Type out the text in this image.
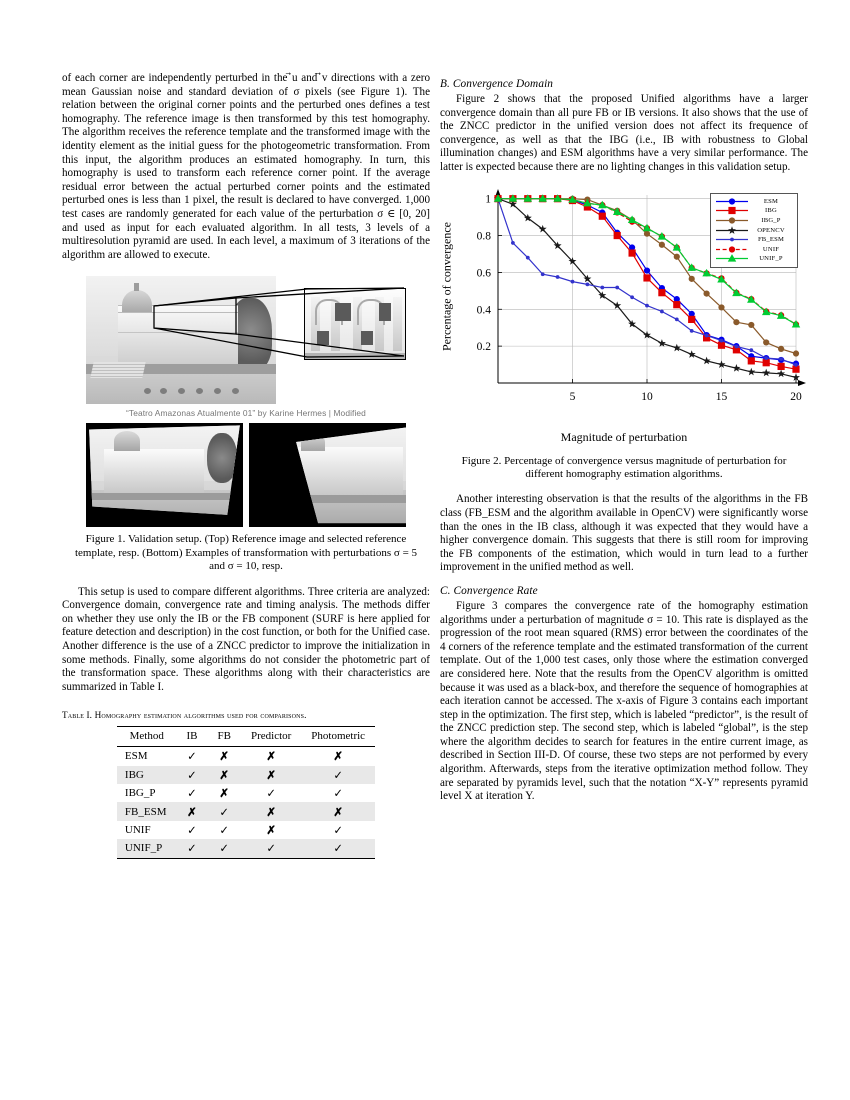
of each corner are independently perturbed in the ⃗u and ⃗v directions with a zero mean Gaussian noise and standard deviation of σ pixels (see Figure 1). The relation between the original corner points and the perturbed ones defines a test homography. The reference image is then transformed by this test homography. The algorithm receives the reference template and the transformed image with the identity element as the initial guess for the photogeometric transformation. From this input, the algorithm produces an estimated homography. In turn, this homography is used to transform each reference corner point. If the average residual error between the actual perturbed corner points and the estimated perturbed ones is less than 1 pixel, the result is declared to have converged. 1,000 test cases are randomly generated for each value of the perturbation σ ∈ [0, 20] and used as input for each evaluated algorithm. In all tests, 3 levels of a multiresolution pyramid are used. In each level, a maximum of 3 iterations of the algorithm are allowed to execute.

“Teatro Amazonas Atualmente 01” by Karine Hermes | Modified
Figure 1. Validation setup. (Top) Reference image and selected reference template, resp. (Bottom) Examples of transformation with perturbations σ = 5 and σ = 10, resp.

This setup is used to compare different algorithms. Three criteria are analyzed: Convergence domain, convergence rate and timing analysis. The methods differ on whether they use only the IB or the FB component (SURF is here applied for feature detection and description) in the cost function, or both for the Unified case. Another difference is the use of a ZNCC predictor to improve the initialization in some methods. Finally, some algorithms do not consider the photometric part of the transformation space. These algorithms along with their characteristics are summarized in Table I.

Table I. Homography estimation algorithms used for comparisons.
Method	IB	FB	Predictor	Photometric
ESM	✓	✗	✗	✗
IBG	✓	✗	✗	✓
IBG_P	✓	✗	✓	✓
FB_ESM	✗	✓	✗	✗
UNIF	✓	✓	✗	✓
UNIF_P	✓	✓	✓	✓
B. Convergence Domain

Figure 2 shows that the proposed Unified algorithms have a larger convergence domain than all pure FB or IB versions. It also shows that the use of the ZNCC predictor in the unified version does not affect its frequence of convergence, as well as that the IBG (i.e., IB with robustness to Global illumination changes) and ESM algorithms have a very similar performance. The latter is expected because there are no lighting changes in this validation setup.

Percentage of convergence 0.2
0.4
0.6
0.8
1
5	10	15	20
ESM
IBG
IBG_P
OPENCV
FB_ESM
UNIF
UNIF_P
Magnitude of perturbation
Figure 2. Percentage of convergence versus magnitude of perturbation for different homography estimation algorithms.

Another interesting observation is that the results of the algorithms in the FB class (FB_ESM and the algorithm available in OpenCV) were significantly worse than the ones in the IB class, although it was expected that they would have a higher convergence domain. This suggests that there is still room for improving the FB components of the estimation, which would in turn lead to a further improvement in the unified method as well.

C. Convergence Rate

Figure 3 compares the convergence rate of the homography estimation algorithms under a perturbation of magnitude σ = 10. This rate is displayed as the progression of the root mean squared (RMS) error between the coordinates of the 4 corners of the reference template and the estimated transformation of the current template. Out of the 1,000 test cases, only those where the estimation converged are considered here. Note that the results from the OpenCV algorithm is omitted because it was used as a black-box, and therefore the sequence of homographies at each iteration cannot be accessed. The x-axis of Figure 3 contains each important step in the optimization. The first step, which is labeled “predictor”, is the result of the ZNCC prediction step. The second step, which is labeled “global”, is the step where the algorithm decides to search for features in the entire current image, as described in Section III-D. Of course, these two steps are not performed by every algorithm. Afterwards, steps from the iterative optimization method follow. They are separated by pyramids level, such that the notation “X-Y” represents pyramid level X at iteration Y.
